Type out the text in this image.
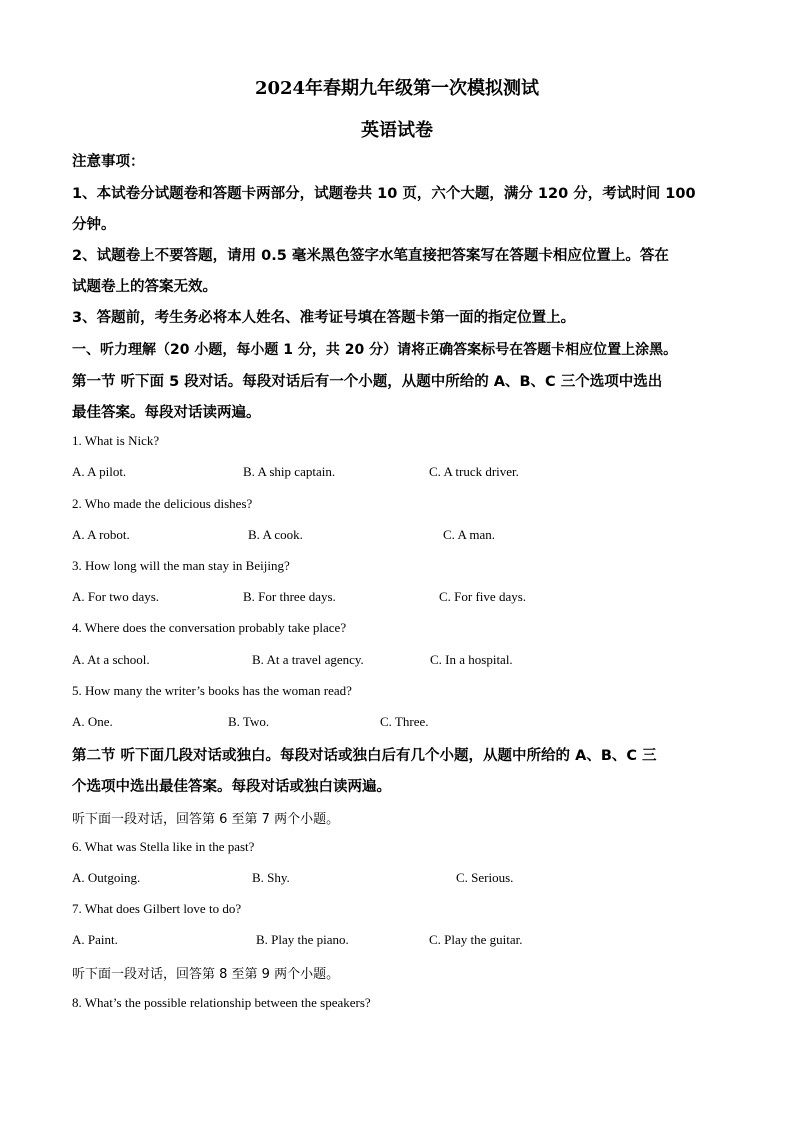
2024年春期九年级第一次模拟测试
英语试卷
注意事项：
1、本试卷分试题卷和答题卡两部分，试题卷共 10 页，六个大题，满分 120 分，考试时间 100
分钟。
2、试题卷上不要答题，请用 0.5 毫米黑色签字水笔直接把答案写在答题卡相应位置上。答在
试题卷上的答案无效。
3、答题前，考生务必将本人姓名、准考证号填在答题卡第一面的指定位置上。
一、听力理解（20 小题，每小题 1 分，共 20 分）请将正确答案标号在答题卡相应位置上涂黑。
第一节 听下面 5 段对话。每段对话后有一个小题，从题中所给的 A、B、C 三个选项中选出
最佳答案。每段对话读两遍。
1. What is Nick?
A. A pilot.	B. A ship captain.	C. A truck driver.
2. Who made the delicious dishes?
A. A robot.	B. A cook.	C. A man.
3. How long will the man stay in Beijing?
A. For two days.	B. For three days.	C. For five days.
4. Where does the conversation probably take place?
A. At a school.	B. At a travel agency.	C. In a hospital.
5. How many the writer’s books has the woman read?
A. One.	B. Two.	C. Three.
第二节 听下面几段对话或独白。每段对话或独白后有几个小题，从题中所给的 A、B、C 三
个选项中选出最佳答案。每段对话或独白读两遍。
听下面一段对话，回答第 6 至第 7 两个小题。
6. What was Stella like in the past?
A. Outgoing.	B. Shy.	C. Serious.
7. What does Gilbert love to do?
A. Paint.	B. Play the piano.	C. Play the guitar.
听下面一段对话，回答第 8 至第 9 两个小题。
8. What’s the possible relationship between the speakers?
